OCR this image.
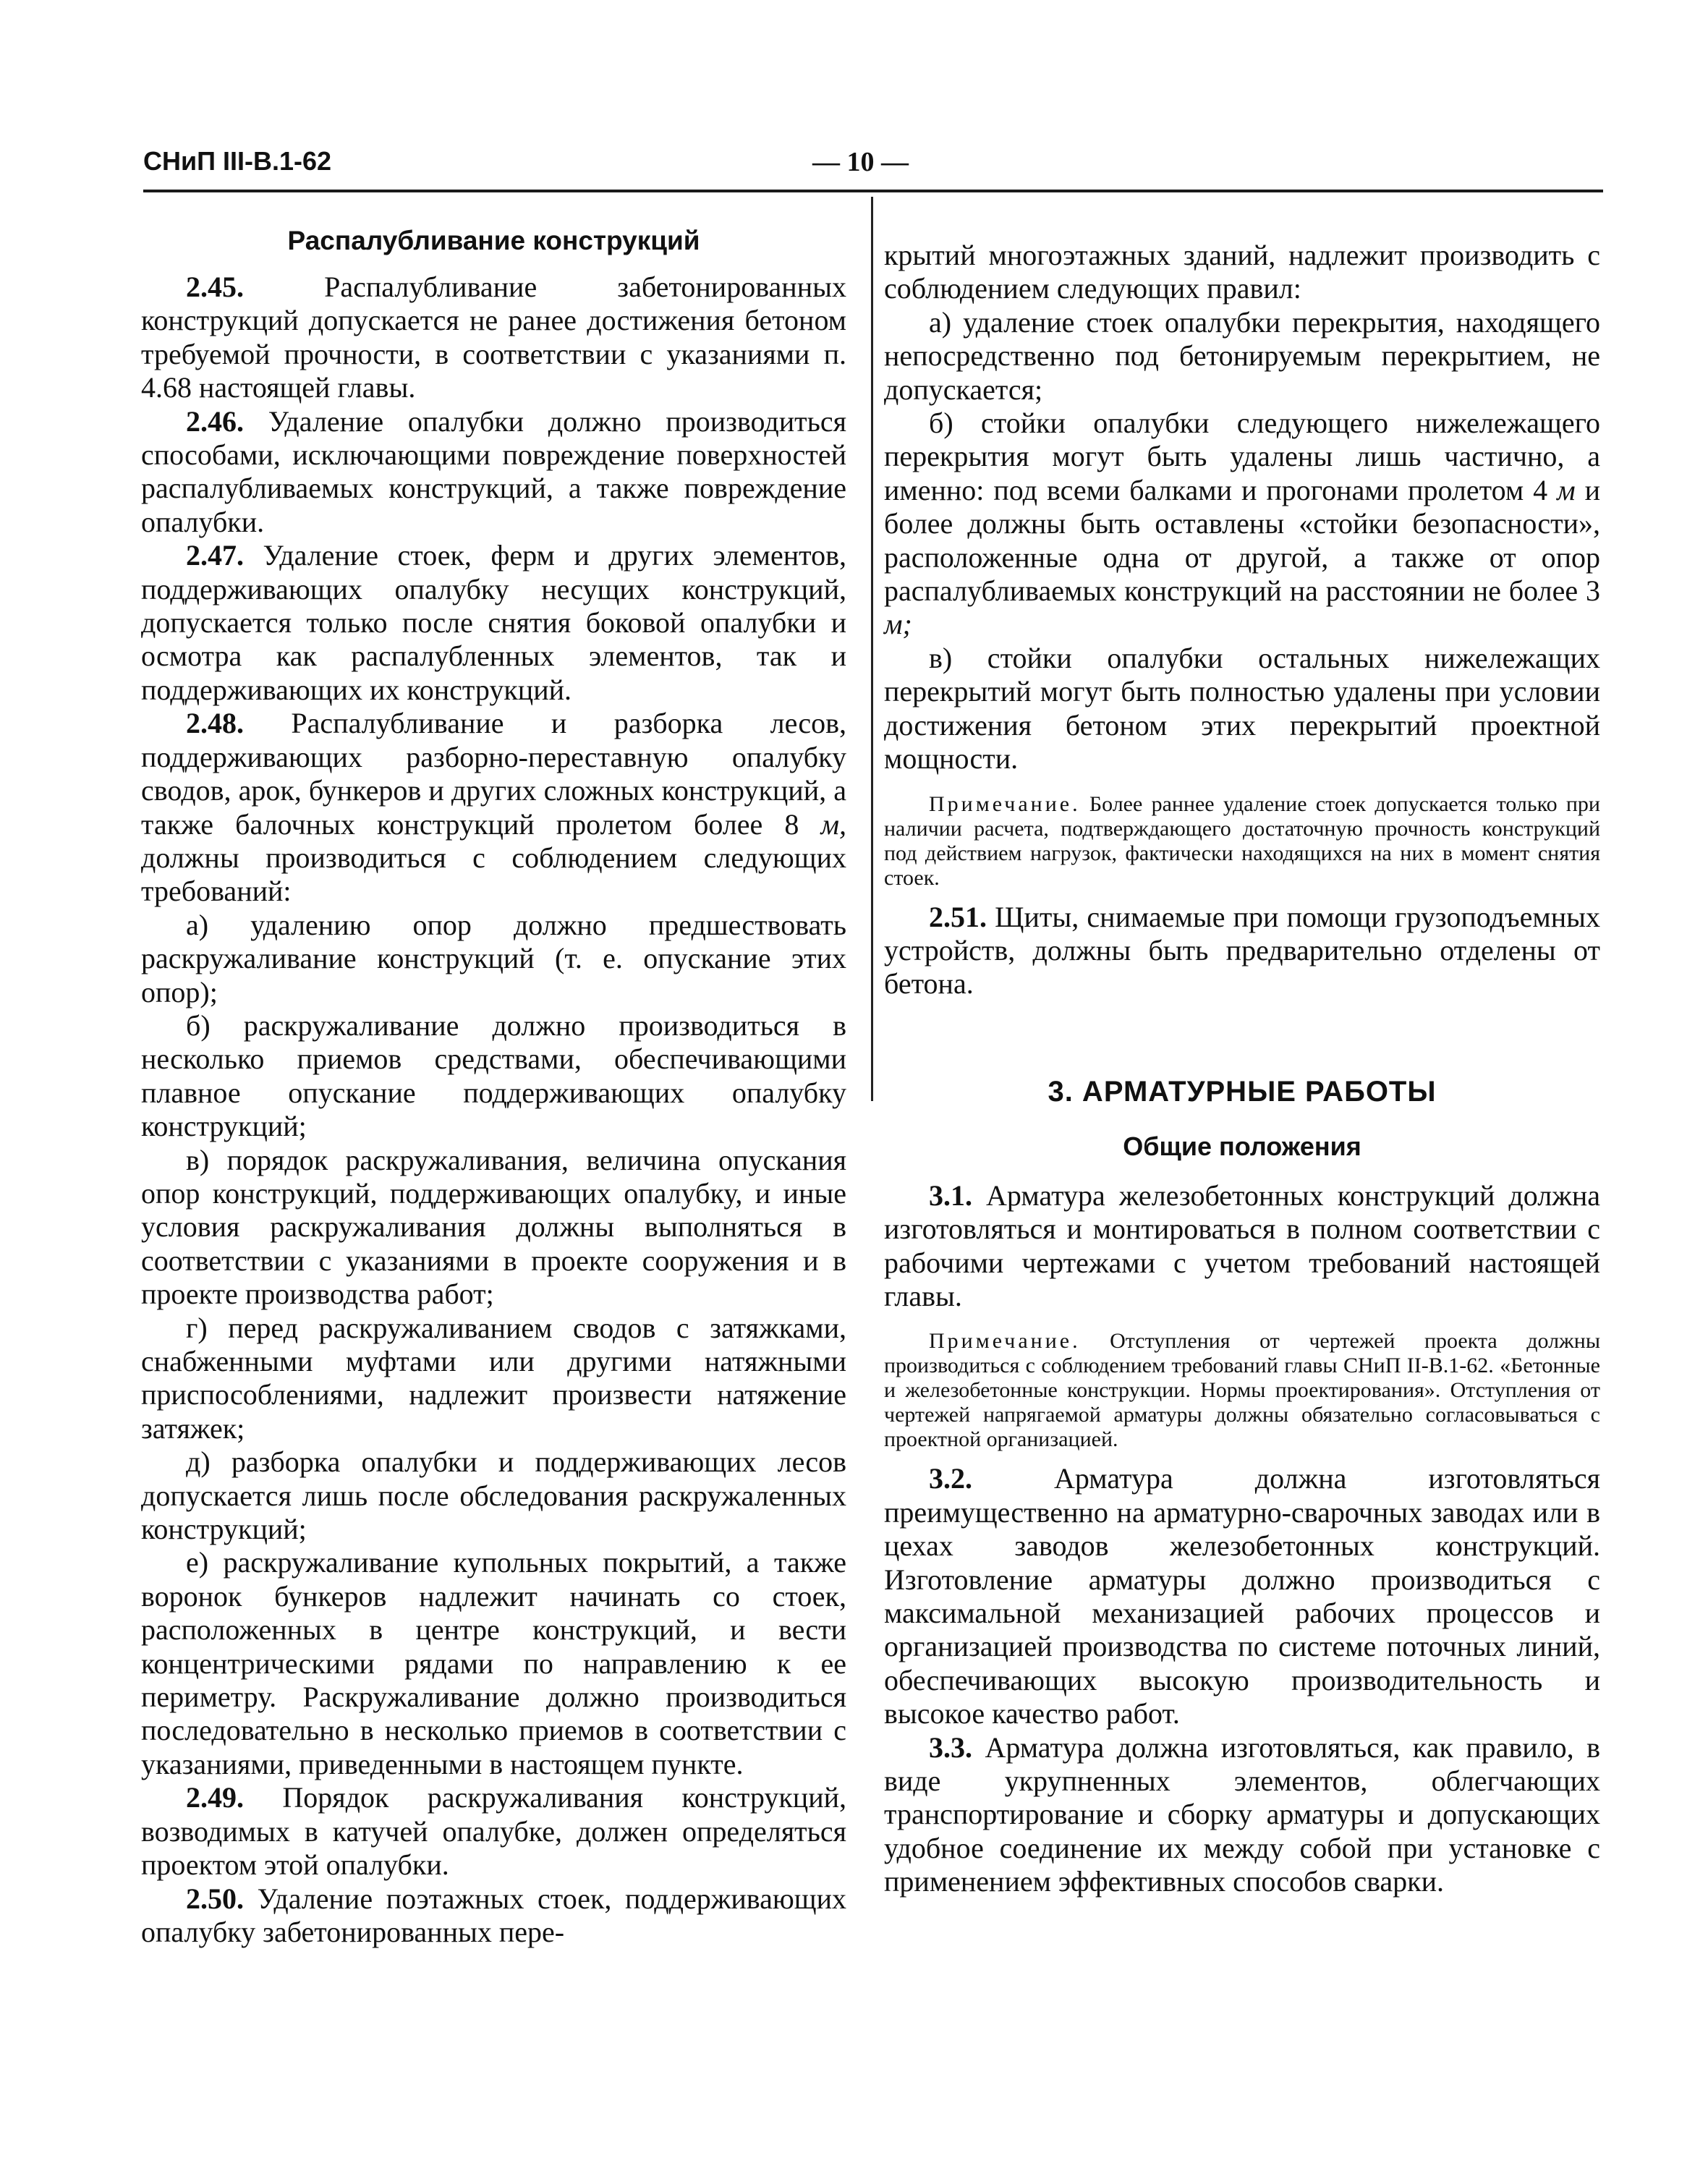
СНиП III-В.1-62	— 10 —
Распалубливание конструкций

2.45. Распалубливание забетонированных конструкций допускается не ранее достижения бетоном требуемой прочности, в соответствии с указаниями п. 4.68 настоящей главы.

2.46. Удаление опалубки должно производиться способами, исключающими повреждение поверхностей распалубливаемых конструкций, а также повреждение опалубки.

2.47. Удаление стоек, ферм и других элементов, поддерживающих опалубку несущих конструкций, допускается только после снятия боковой опалубки и осмотра как распалубленных элементов, так и поддерживающих их конструкций.

2.48. Распалубливание и разборка лесов, поддерживающих разборно-переставную опалубку сводов, арок, бункеров и других сложных конструкций, а также балочных конструкций пролетом более 8 м, должны производиться с соблюдением следующих требований:

а) удалению опор должно предшествовать раскружаливание конструкций (т. е. опускание этих опор);

б) раскружаливание должно производиться в несколько приемов средствами, обеспечивающими плавное опускание поддерживающих опалубку конструкций;

в) порядок раскружаливания, величина опускания опор конструкций, поддерживающих опалубку, и иные условия раскружаливания должны выполняться в соответствии с указаниями в проекте сооружения и в проекте производства работ;

г) перед раскружаливанием сводов с затяжками, снабженными муфтами или другими натяжными приспособлениями, надлежит произвести натяжение затяжек;

д) разборка опалубки и поддерживающих лесов допускается лишь после обследования раскружаленных конструкций;

е) раскружаливание купольных покрытий, а также воронок бункеров надлежит начинать со стоек, расположенных в центре конструкций, и вести концентрическими рядами по направлению к ее периметру. Раскружаливание должно производиться последовательно в несколько приемов в соответствии с указаниями, приведенными в настоящем пункте.

2.49. Порядок раскружаливания конструкций, возводимых в катучей опалубке, должен определяться проектом этой опалубки.

2.50. Удаление поэтажных стоек, поддерживающих опалубку забетонированных пере-

крытий многоэтажных зданий, надлежит производить с соблюдением следующих правил:

а) удаление стоек опалубки перекрытия, находящего непосредственно под бетонируемым перекрытием, не допускается;

б) стойки опалубки следующего нижележащего перекрытия могут быть удалены лишь частично, а именно: под всеми балками и прогонами пролетом 4 м и более должны быть оставлены «стойки безопасности», расположенные одна от другой, а также от опор распалубливаемых конструкций на расстоянии не более 3 м;

в) стойки опалубки остальных нижележащих перекрытий могут быть полностью удалены при условии достижения бетоном этих перекрытий проектной мощности.

Примечание. Более раннее удаление стоек допускается только при наличии расчета, подтверждающего достаточную прочность конструкций под действием нагрузок, фактически находящихся на них в момент снятия стоек.

2.51. Щиты, снимаемые при помощи грузоподъемных устройств, должны быть предварительно отделены от бетона.

3. АРМАТУРНЫЕ РАБОТЫ
Общие положения

3.1. Арматура железобетонных конструкций должна изготовляться и монтироваться в полном соответствии с рабочими чертежами с учетом требований настоящей главы.

Примечание. Отступления от чертежей проекта должны производиться с соблюдением требований главы СНиП II-В.1-62. «Бетонные и железобетонные конструкции. Нормы проектирования». Отступления от чертежей напрягаемой арматуры должны обязательно согласовываться с проектной организацией.

3.2. Арматура должна изготовляться преимущественно на арматурно-сварочных заводах или в цехах заводов железобетонных конструкций. Изготовление арматуры должно производиться с максимальной механизацией рабочих процессов и организацией производства по системе поточных линий, обеспечивающих высокую производительность и высокое качество работ.

3.3. Арматура должна изготовляться, как правило, в виде укрупненных элементов, облегчающих транспортирование и сборку арматуры и допускающих удобное соединение их между собой при установке с применением эффективных способов сварки.
